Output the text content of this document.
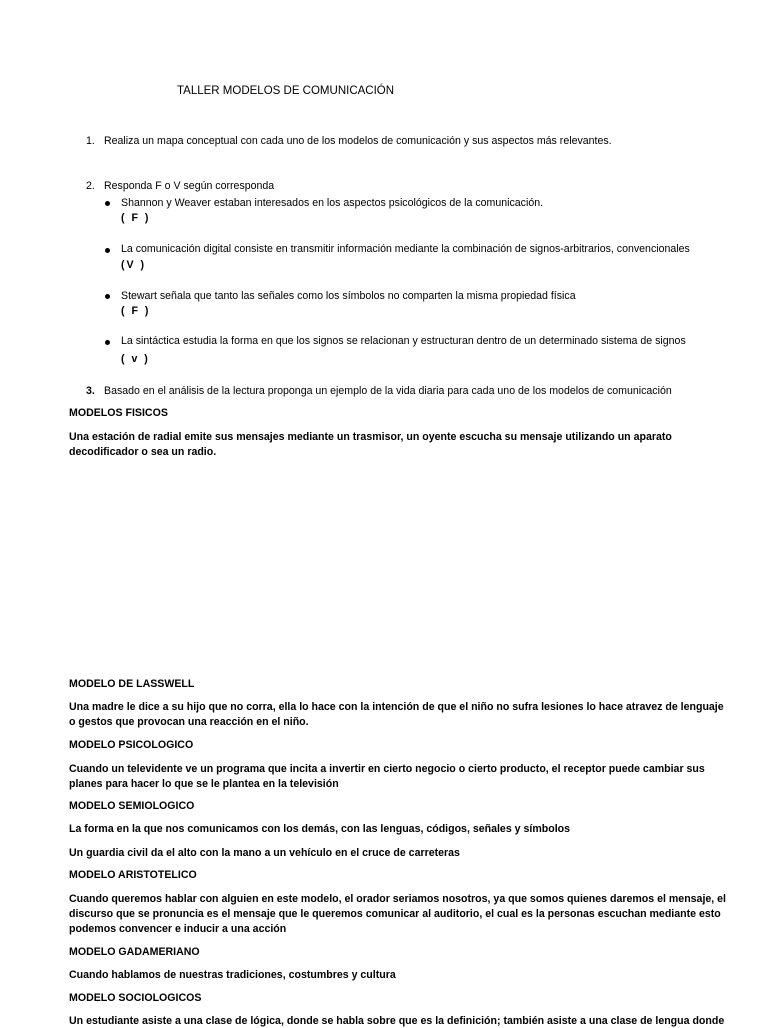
TALLER MODELOS DE COMUNICACIÓN
1. Realiza un mapa conceptual con cada uno de los modelos de comunicación y sus aspectos más relevantes.
2. Responda F o V según corresponda
Shannon y Weaver estaban interesados en los aspectos psicológicos de la comunicación.
( F )
La comunicación digital consiste en transmitir información mediante la combinación de signos-arbitrarios, convencionales
(V )
Stewart señala que tanto las señales como los símbolos no comparten la misma propiedad física
( F )
La sintáctica estudia la forma en que los signos se relacionan y estructuran dentro de un determinado sistema de signos
( v )
3. Basado en el análisis de la lectura proponga un ejemplo de la vida diaria para cada uno de los modelos de comunicación
MODELOS FISICOS
Una estación de radial emite sus mensajes mediante un trasmisor, un oyente escucha su mensaje utilizando un aparato
decodificador o sea un radio.
MODELO DE LASSWELL
Una madre le dice a su hijo que no corra, ella lo hace con la intención de que el niño no sufra lesiones lo hace atravez de lenguaje
o gestos que provocan una reacción en el niño.
MODELO PSICOLOGICO
Cuando un televidente ve un programa que incita a invertir en cierto negocio o cierto producto, el receptor puede cambiar sus
planes para hacer lo que se le plantea en la televisión
MODELO SEMIOLOGICO
La forma en la que nos comunicamos con los demás, con las lenguas, códigos, señales y símbolos
Un guardia civil da el alto con la mano a un vehículo en el cruce de carreteras
MODELO ARISTOTELICO
Cuando queremos hablar con alguien en este modelo, el orador seriamos nosotros, ya que somos quienes daremos el mensaje, el
discurso que se pronuncia es el mensaje que le queremos comunicar al auditorio, el cual es la personas escuchan mediante esto
podemos convencer e inducir a una acción
MODELO GADAMERIANO
Cuando hablamos de nuestras tradiciones, costumbres y cultura
MODELO SOCIOLOGICOS
Un estudiante asiste a una clase de lógica, donde se habla sobre que es la definición; también asiste a una clase de lengua donde
